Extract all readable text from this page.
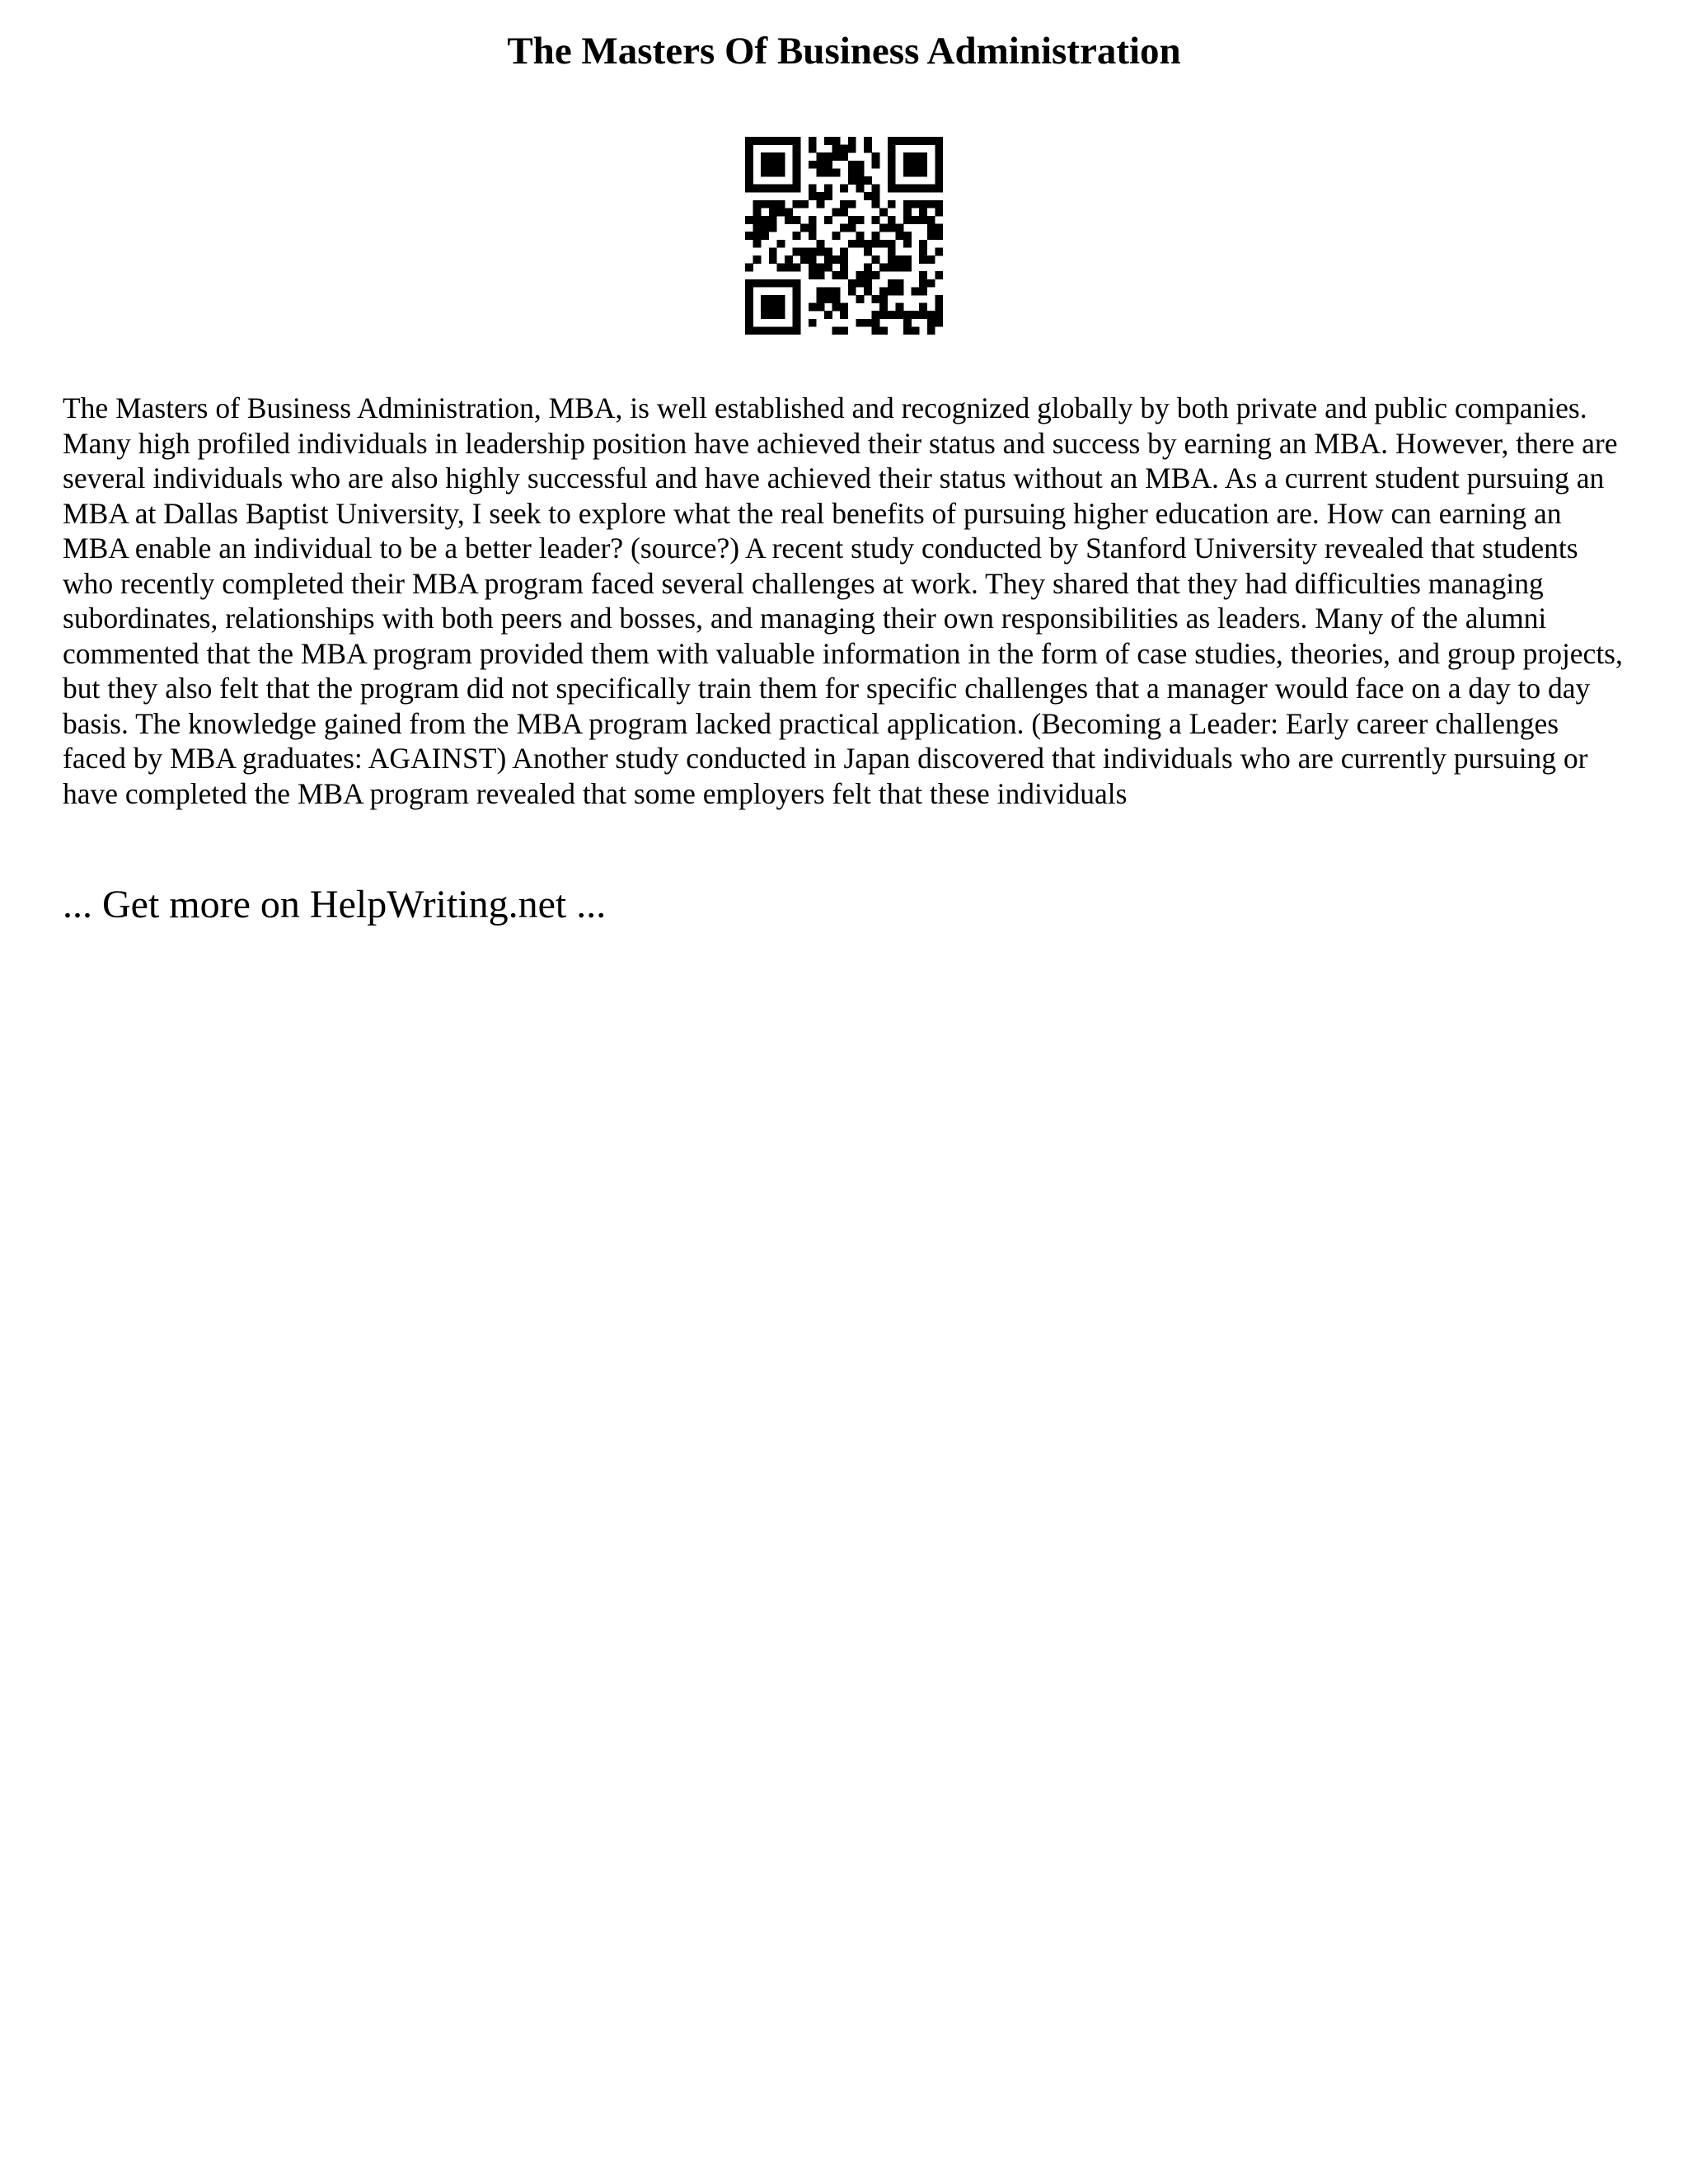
The Masters Of Business Administration

The Masters of Business Administration, MBA, is well established and recognized globally by both private and public companies. Many high profiled individuals in leadership position have achieved their status and success by earning an MBA. However, there are several individuals who are also highly successful and have achieved their status without an MBA. As a current student pursuing an MBA at Dallas Baptist University, I seek to explore what the real benefits of pursuing higher education are. How can earning an MBA enable an individual to be a better leader? (source?) A recent study conducted by Stanford University revealed that students who recently completed their MBA program faced several challenges at work. They shared that they had difficulties managing subordinates, relationships with both peers and bosses, and managing their own responsibilities as leaders. Many of the alumni commented that the MBA program provided them with valuable information in the form of case studies, theories, and group projects, but they also felt that the program did not specifically train them for specific challenges that a manager would face on a day to day basis. The knowledge gained from the MBA program lacked practical application. (Becoming a Leader: Early career challenges faced by MBA graduates: AGAINST) Another study conducted in Japan discovered that individuals who are currently pursuing or have completed the MBA program revealed that some employers felt that these individuals

... Get more on HelpWriting.net ...
